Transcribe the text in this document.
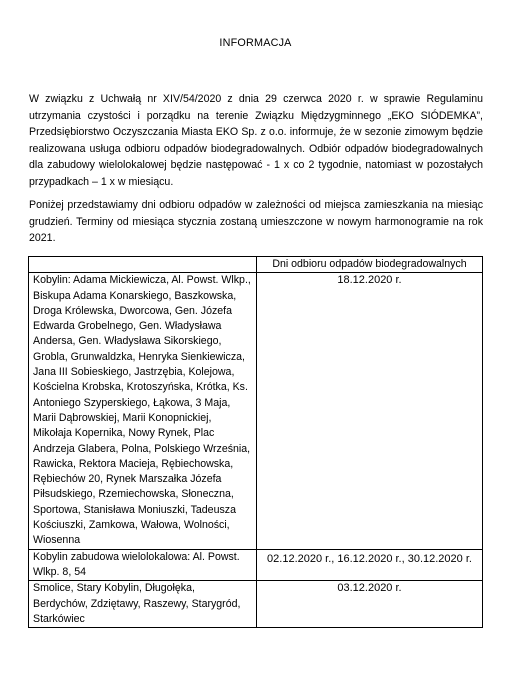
INFORMACJA
W związku z Uchwałą nr XIV/54/2020 z dnia 29 czerwca 2020 r. w sprawie Regulaminu utrzymania czystości i porządku na terenie Związku Międzygminnego „EKO SIÓDEMKA”, Przedsiębiorstwo Oczyszczania Miasta EKO Sp. z o.o. informuje, że w sezonie zimowym będzie realizowana usługa odbioru odpadów biodegradowalnych. Odbiór odpadów biodegradowalnych dla zabudowy wielolokalowej będzie następować - 1 x co 2 tygodnie, natomiast w pozostałych przypadkach – 1 x w miesiącu.
Poniżej przedstawiamy dni odbioru odpadów w zależności od miejsca zamieszkania na miesiąc grudzień. Terminy od miesiąca stycznia zostaną umieszczone w nowym harmonogramie na rok 2021.
	Dni odbioru odpadów biodegradowalnych
Kobylin: Adama Mickiewicza, Al. Powst. Wlkp., Biskupa Adama Konarskiego, Baszkowska, Droga Królewska, Dworcowa, Gen. Józefa Edwarda Grobelnego, Gen. Władysława Andersa, Gen. Władysława Sikorskiego, Grobla, Grunwaldzka, Henryka Sienkiewicza, Jana III Sobieskiego, Jastrzębia, Kolejowa, Kościelna Krobska, Krotoszyńska, Krótka, Ks. Antoniego Szyperskiego, Łąkowa, 3 Maja, Marii Dąbrowskiej, Marii Konopnickiej, Mikołaja Kopernika, Nowy Rynek, Plac Andrzeja Glabera, Polna, Polskiego Września, Rawicka, Rektora Macieja, Rębiechowska, Rębiechów 20, Rynek Marszałka Józefa Piłsudskiego, Rzemiechowska, Słoneczna, Sportowa, Stanisława Moniuszki, Tadeusza Kościuszki, Zamkowa, Wałowa, Wolności, Wiosenna	18.12.2020 r.
Kobylin zabudowa wielolokalowa: Al. Powst. Wlkp. 8, 54	02.12.2020 r., 16.12.2020 r., 30.12.2020 r.
Smolice, Stary Kobylin, Długołęka, Berdychów, Zdziętawy, Raszewy, Starygród, Starkówiec	03.12.2020 r.
